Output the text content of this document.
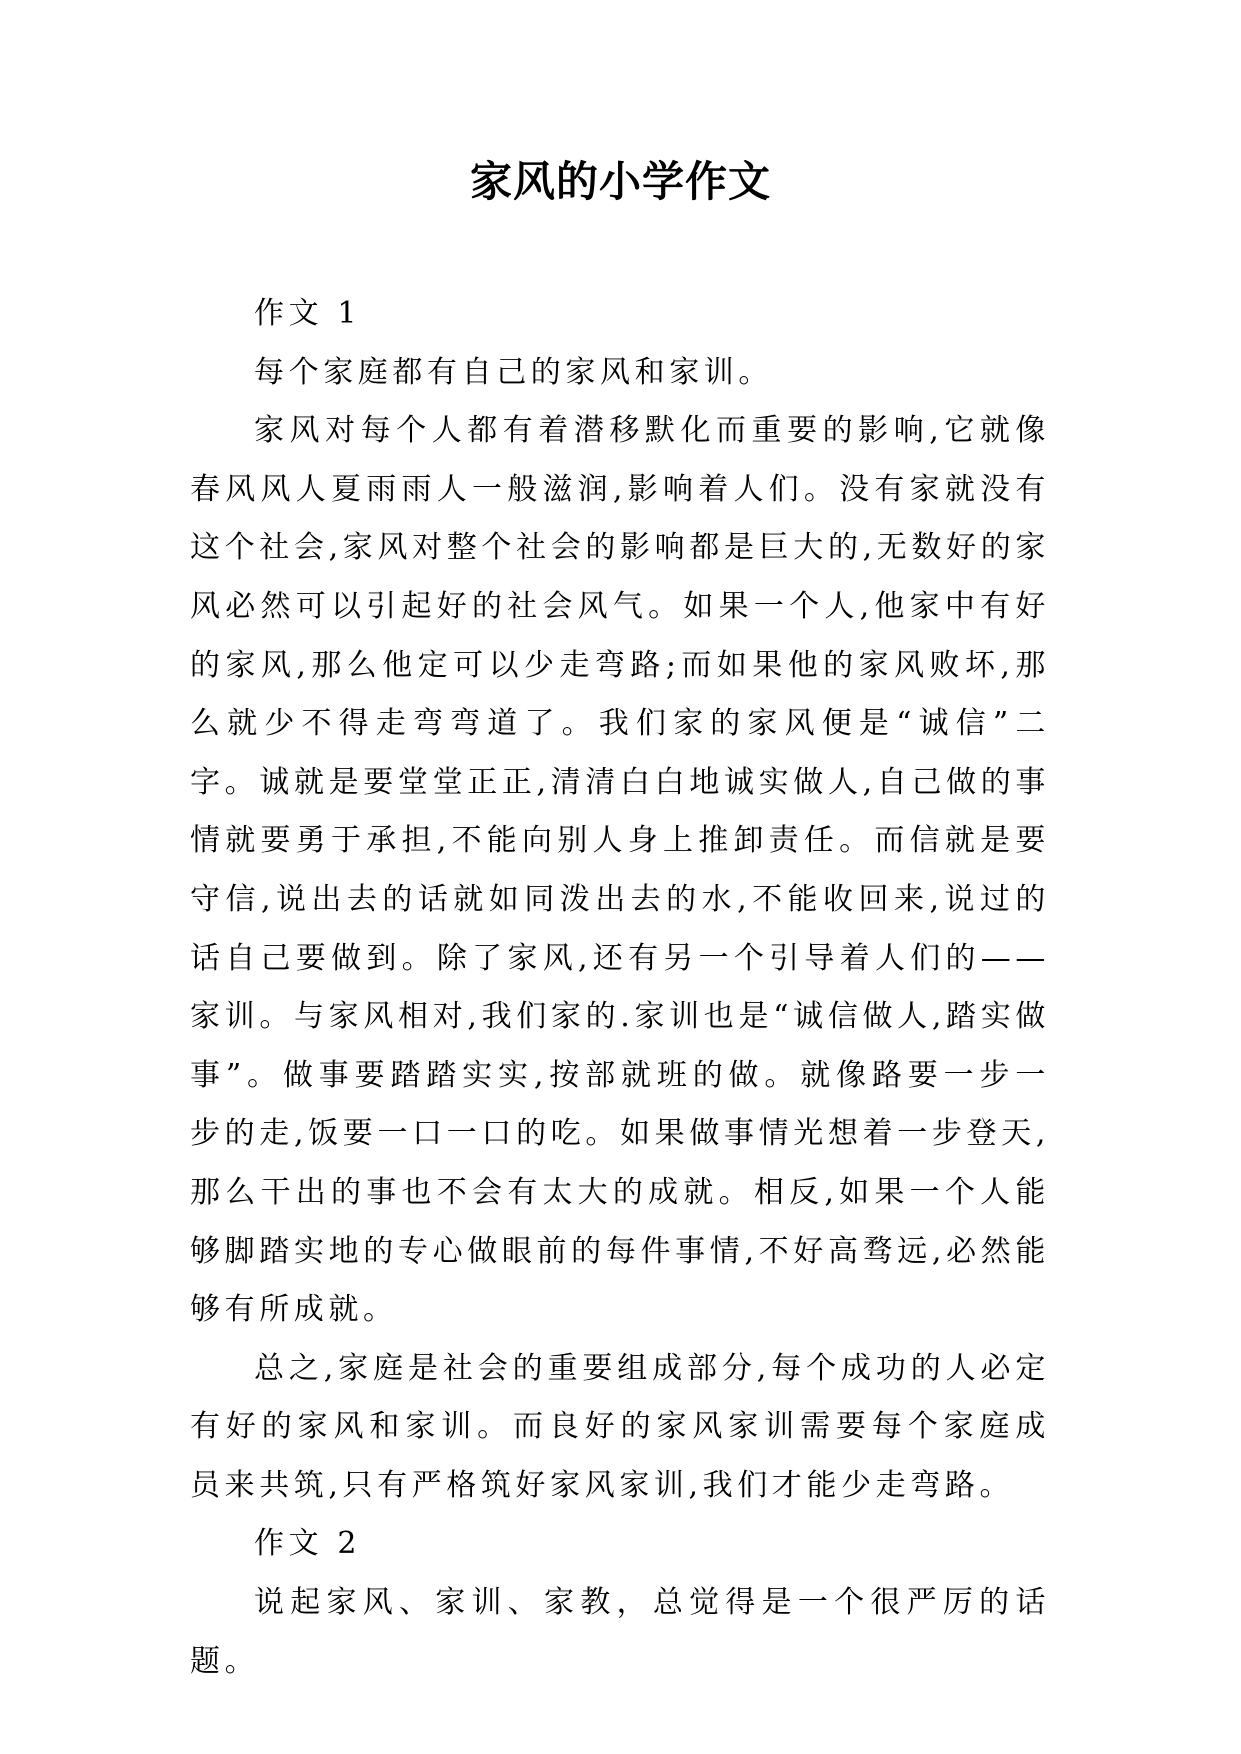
家风的小学作文

作文 1

每个家庭都有自己的家风和家训。

家风对每个人都有着潜移默化而重要的影响,它就像春风风人夏雨雨人一般滋润,影响着人们。没有家就没有这个社会,家风对整个社会的影响都是巨大的,无数好的家风必然可以引起好的社会风气。如果一个人,他家中有好的家风,那么他定可以少走弯路;而如果他的家风败坏,那么就少不得走弯弯道了。我们家的家风便是“诚信”二字。诚就是要堂堂正正,清清白白地诚实做人,自己做的事情就要勇于承担,不能向别人身上推卸责任。而信就是要守信,说出去的话就如同泼出去的水,不能收回来,说过的话自己要做到。除了家风,还有另一个引导着人们的——家训。与家风相对,我们家的.家训也是“诚信做人,踏实做事”。做事要踏踏实实,按部就班的做。就像路要一步一步的走,饭要一口一口的吃。如果做事情光想着一步登天,那么干出的事也不会有太大的成就。相反,如果一个人能够脚踏实地的专心做眼前的每件事情,不好高骛远,必然能够有所成就。

总之,家庭是社会的重要组成部分,每个成功的人必定有好的家风和家训。而良好的家风家训需要每个家庭成员来共筑,只有严格筑好家风家训,我们才能少走弯路。

作文 2

说起家风、家训、家教，总觉得是一个很严厉的话题。
